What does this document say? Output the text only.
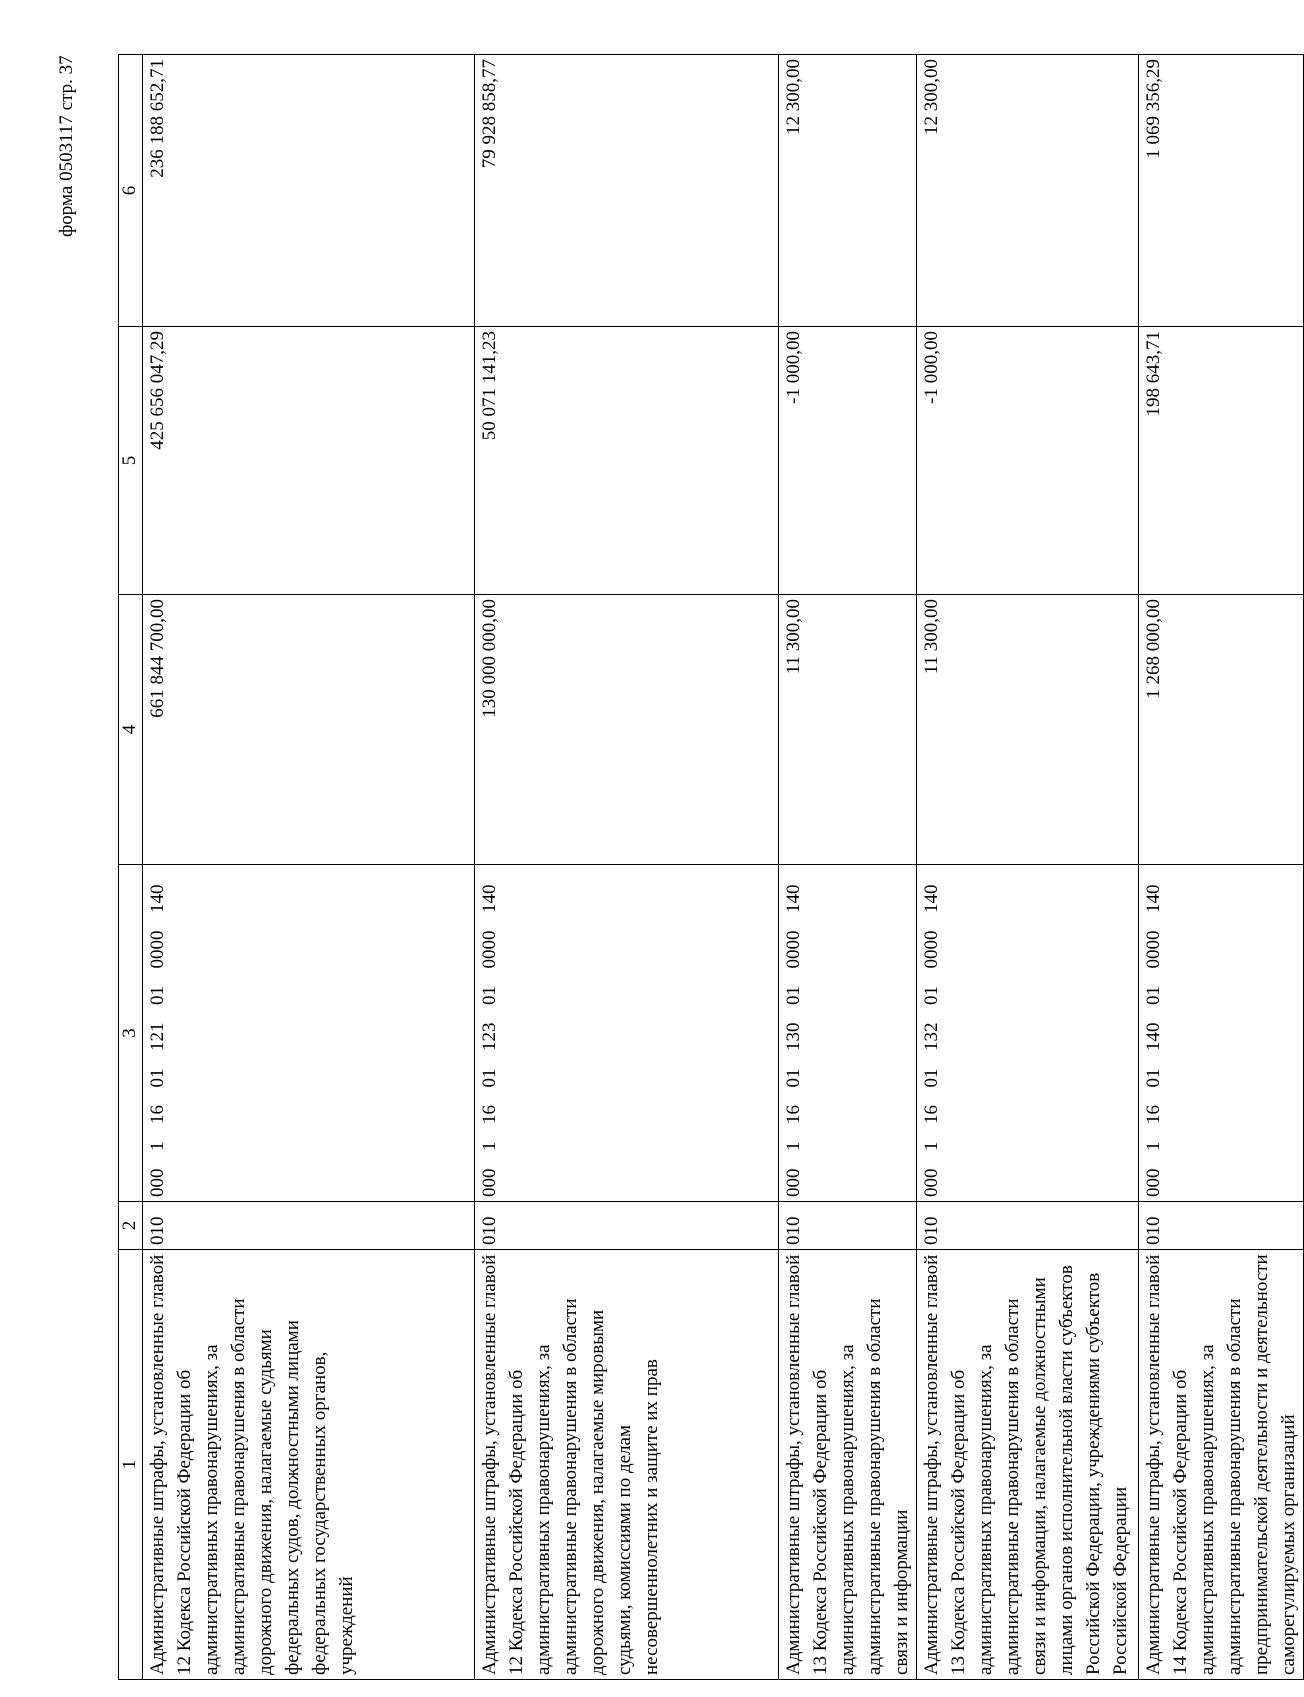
форма 0503117 стр. 37
1	2	3	4	5	6
Административные штрафы, установленные главой 12 Кодекса Российской Федерации об административных правонарушениях, за административные правонарушения в области дорожного движения, налагаемые судьями федеральных судов, должностными лицами федеральных государственных органов, учреждений	010	000  1  16  01  121  01  0000  140	661 844 700,00	425 656 047,29	236 188 652,71
Административные штрафы, установленные главой 12 Кодекса Российской Федерации об административных правонарушениях, за административные правонарушения в области дорожного движения, налагаемые мировыми судьями, комиссиями по делам несовершеннолетних и защите их прав	010	000  1  16  01  123  01  0000  140	130 000 000,00	50 071 141,23	79 928 858,77
Административные штрафы, установленные главой 13 Кодекса Российской Федерации об административных правонарушениях, за административные правонарушения в области связи и информации	010	000  1  16  01  130  01  0000  140	11 300,00	-1 000,00	12 300,00
Административные штрафы, установленные главой 13 Кодекса Российской Федерации об административных правонарушениях, за административные правонарушения в области связи и информации, налагаемые должностными лицами органов исполнительной власти субъектов Российской Федерации, учреждениями субъектов Российской Федерации	010	000  1  16  01  132  01  0000  140	11 300,00	-1 000,00	12 300,00
Административные штрафы, установленные главой 14 Кодекса Российской Федерации об административных правонарушениях, за административные правонарушения в области предпринимательской деятельности и деятельности саморегулируемых организаций	010	000  1  16  01  140  01  0000  140	1 268 000,00	198 643,71	1 069 356,29
